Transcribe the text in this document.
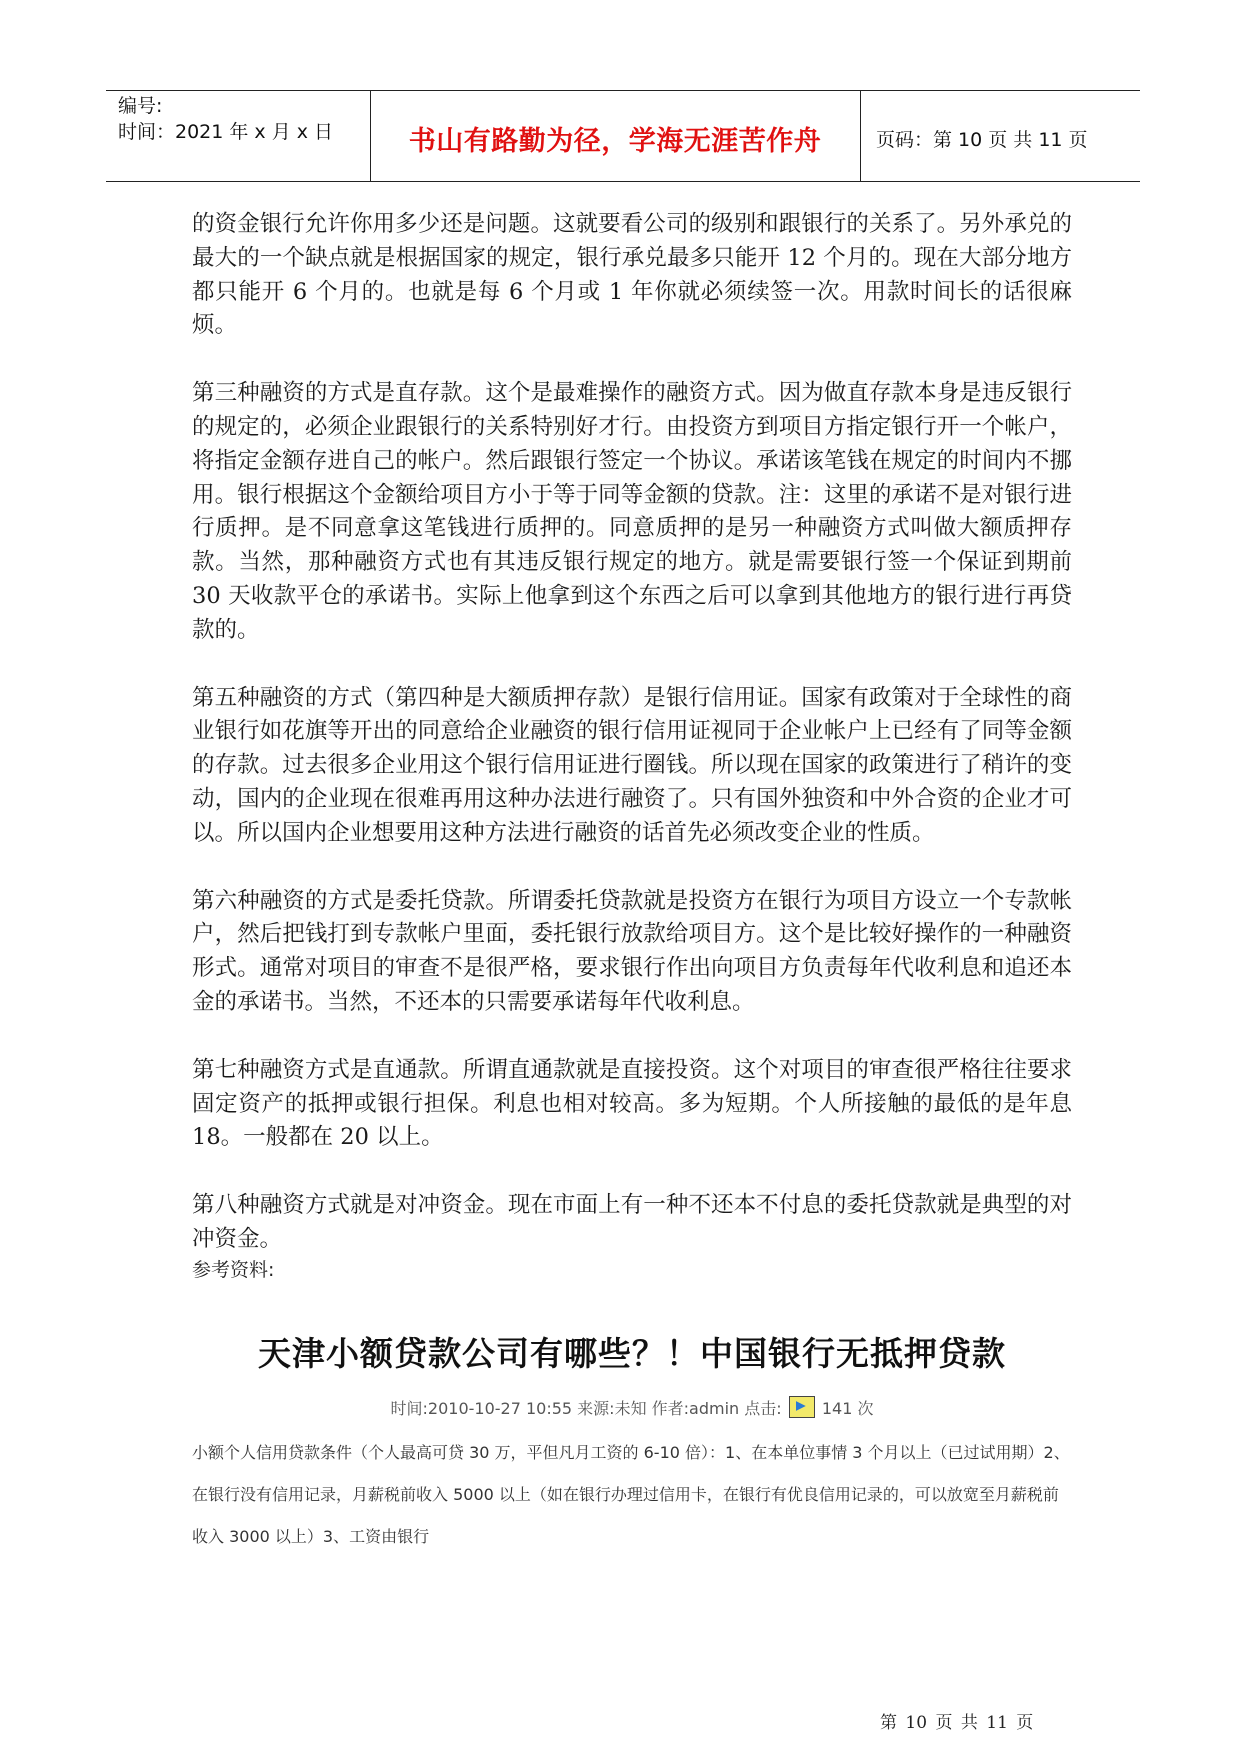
编号:
时间：2021 年 x 月 x 日	书山有路勤为径，学海无涯苦作舟	页码：第 10 页 共 11 页

的资金银行允许你用多少还是问题。这就要看公司的级别和跟银行的关系了。另外承兑的最大的一个缺点就是根据国家的规定，银行承兑最多只能开 12 个月的。现在大部分地方都只能开 6 个月的。也就是每 6 个月或 1 年你就必须续签一次。用款时间长的话很麻烦。

第三种融资的方式是直存款。这个是最难操作的融资方式。因为做直存款本身是违反银行的规定的，必须企业跟银行的关系特别好才行。由投资方到项目方指定银行开一个帐户，将指定金额存进自己的帐户。然后跟银行签定一个协议。承诺该笔钱在规定的时间内不挪用。银行根据这个金额给项目方小于等于同等金额的贷款。注：这里的承诺不是对银行进行质押。是不同意拿这笔钱进行质押的。同意质押的是另一种融资方式叫做大额质押存款。当然，那种融资方式也有其违反银行规定的地方。就是需要银行签一个保证到期前 30 天收款平仓的承诺书。实际上他拿到这个东西之后可以拿到其他地方的银行进行再贷款的。

第五种融资的方式（第四种是大额质押存款）是银行信用证。国家有政策对于全球性的商业银行如花旗等开出的同意给企业融资的银行信用证视同于企业帐户上已经有了同等金额的存款。过去很多企业用这个银行信用证进行圈钱。所以现在国家的政策进行了稍许的变动，国内的企业现在很难再用这种办法进行融资了。只有国外独资和中外合资的企业才可以。所以国内企业想要用这种方法进行融资的话首先必须改变企业的性质。

第六种融资的方式是委托贷款。所谓委托贷款就是投资方在银行为项目方设立一个专款帐户，然后把钱打到专款帐户里面，委托银行放款给项目方。这个是比较好操作的一种融资形式。通常对项目的审查不是很严格，要求银行作出向项目方负责每年代收利息和追还本金的承诺书。当然，不还本的只需要承诺每年代收利息。

第七种融资方式是直通款。所谓直通款就是直接投资。这个对项目的审查很严格往往要求固定资产的抵押或银行担保。利息也相对较高。多为短期。个人所接触的最低的是年息 18。一般都在 20 以上。

第八种融资方式就是对冲资金。现在市面上有一种不还本不付息的委托贷款就是典型的对冲资金。

参考资料:

天津小额贷款公司有哪些？！中国银行无抵押贷款
时间:2010-10-27 10:55 来源:未知 作者:admin 点击:	141 次

小额个人信用贷款条件（个人最高可贷 30 万，平但凡月工资的 6-10 倍）：1、在本单位事情 3 个月以上（已过试用期）2、在银行没有信用记录，月薪税前收入 5000 以上（如在银行办理过信用卡，在银行有优良信用记录的，可以放宽至月薪税前收入 3000 以上）3、工资由银行

第 10 页 共 11 页
